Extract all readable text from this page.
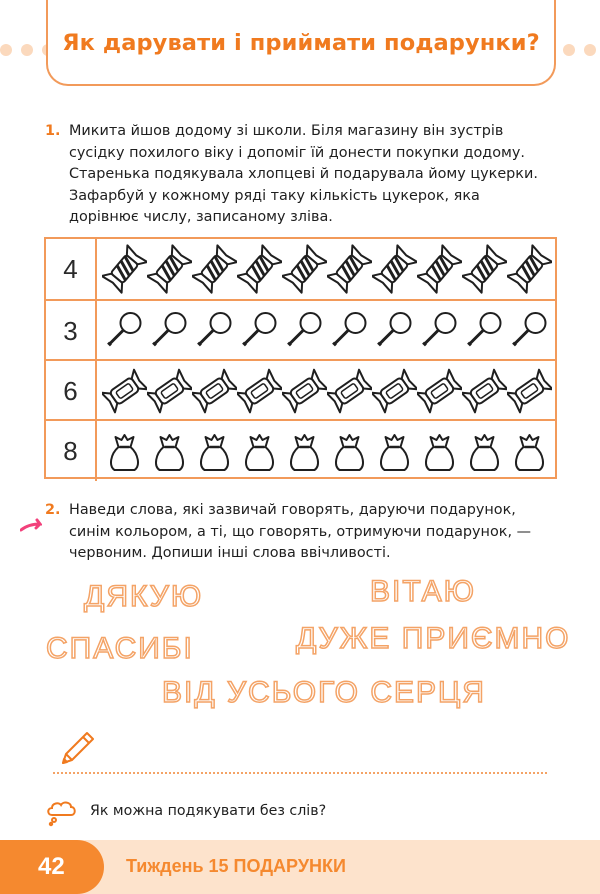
Як дарувати і приймати подарунки?
1. Микита йшов додому зі школи. Біля магазину він зустрів

сусідку похилого віку і допоміг їй донести покупки додому.

Старенька подякувала хлопцеві й подарувала йому цукерки.

Зафарбуй у кожному ряді таку кількість цукерок, яка

дорівнює числу, записаному зліва.

4
3
6
8
2. Наведи слова, які зазвичай говорять, даруючи подарунок,

синім кольором, а ті, що говорять, отримуючи подарунок, —

червоним. Допиши інші слова ввічливості.

ДЯКУЮ	ВІТАЮ
СПАСИБІ	ДУЖЕ ПРИЄМНО
ВІД УСЬОГО СЕРЦЯ
Як можна подякувати без слів?
42	Тиждень 15 ПОДАРУНКИ
